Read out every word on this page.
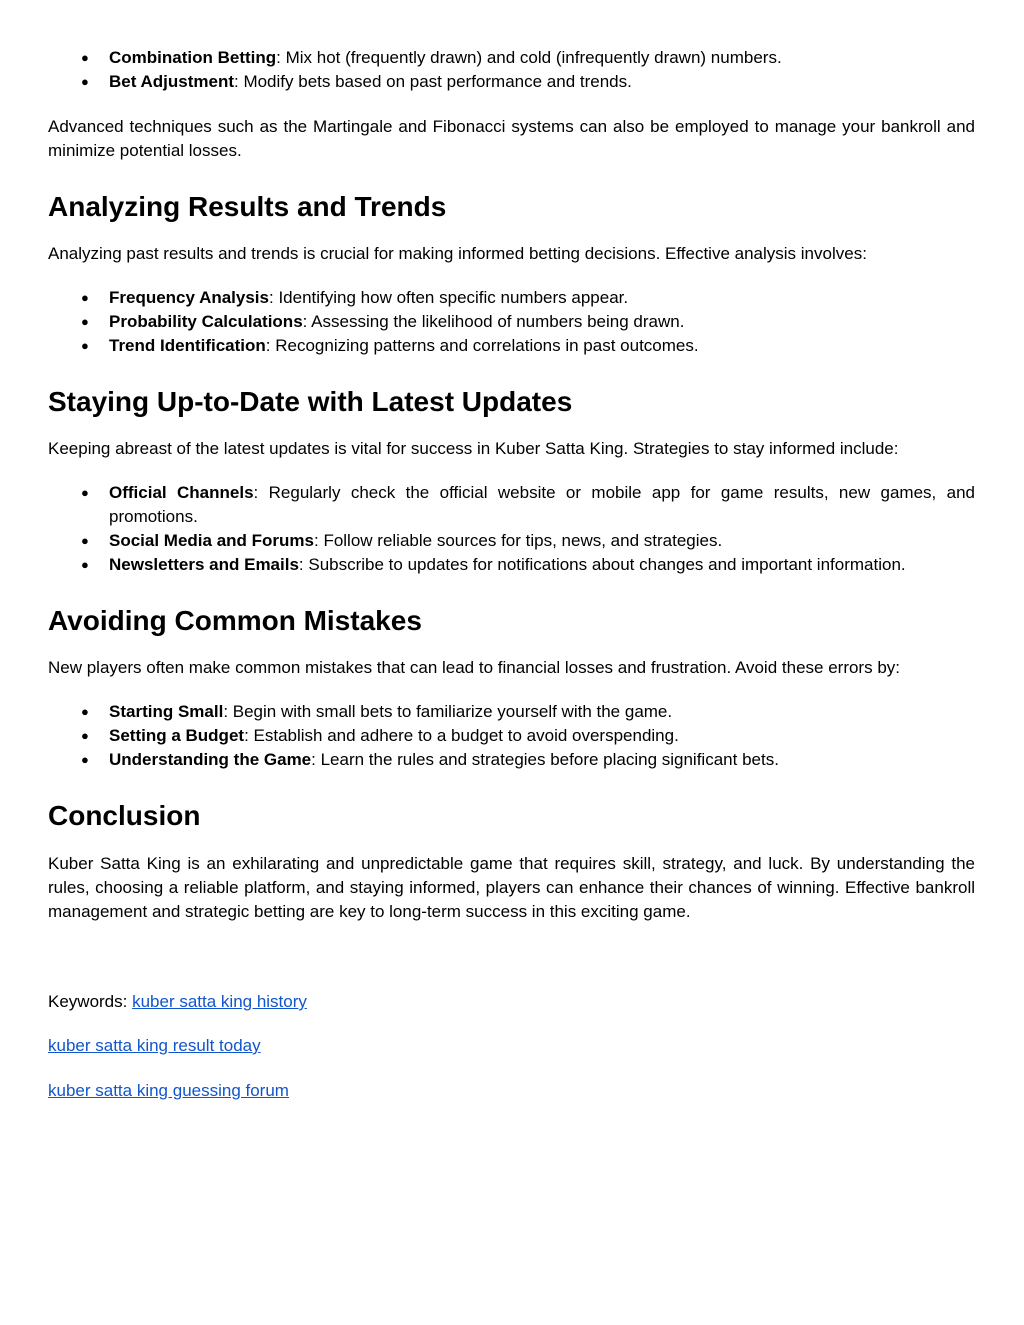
● Combination Betting: Mix hot (frequently drawn) and cold (infrequently drawn) numbers.
● Bet Adjustment: Modify bets based on past performance and trends.

Advanced techniques such as the Martingale and Fibonacci systems can also be employed to manage your bankroll and minimize potential losses.

Analyzing Results and Trends

Analyzing past results and trends is crucial for making informed betting decisions. Effective analysis involves:

● Frequency Analysis: Identifying how often specific numbers appear.
● Probability Calculations: Assessing the likelihood of numbers being drawn.
● Trend Identification: Recognizing patterns and correlations in past outcomes.
Staying Up-to-Date with Latest Updates

Keeping abreast of the latest updates is vital for success in Kuber Satta King. Strategies to stay informed include:

● Official Channels: Regularly check the official website or mobile app for game results, new games, and promotions.
● Social Media and Forums: Follow reliable sources for tips, news, and strategies.
● Newsletters and Emails: Subscribe to updates for notifications about changes and important information.
Avoiding Common Mistakes

New players often make common mistakes that can lead to financial losses and frustration. Avoid these errors by:

● Starting Small: Begin with small bets to familiarize yourself with the game.
● Setting a Budget: Establish and adhere to a budget to avoid overspending.
● Understanding the Game: Learn the rules and strategies before placing significant bets.
Conclusion

Kuber Satta King is an exhilarating and unpredictable game that requires skill, strategy, and luck. By understanding the rules, choosing a reliable platform, and staying informed, players can enhance their chances of winning. Effective bankroll management and strategic betting are key to long-term success in this exciting game.

Keywords: kuber satta king history

kuber satta king result today

kuber satta king guessing forum
